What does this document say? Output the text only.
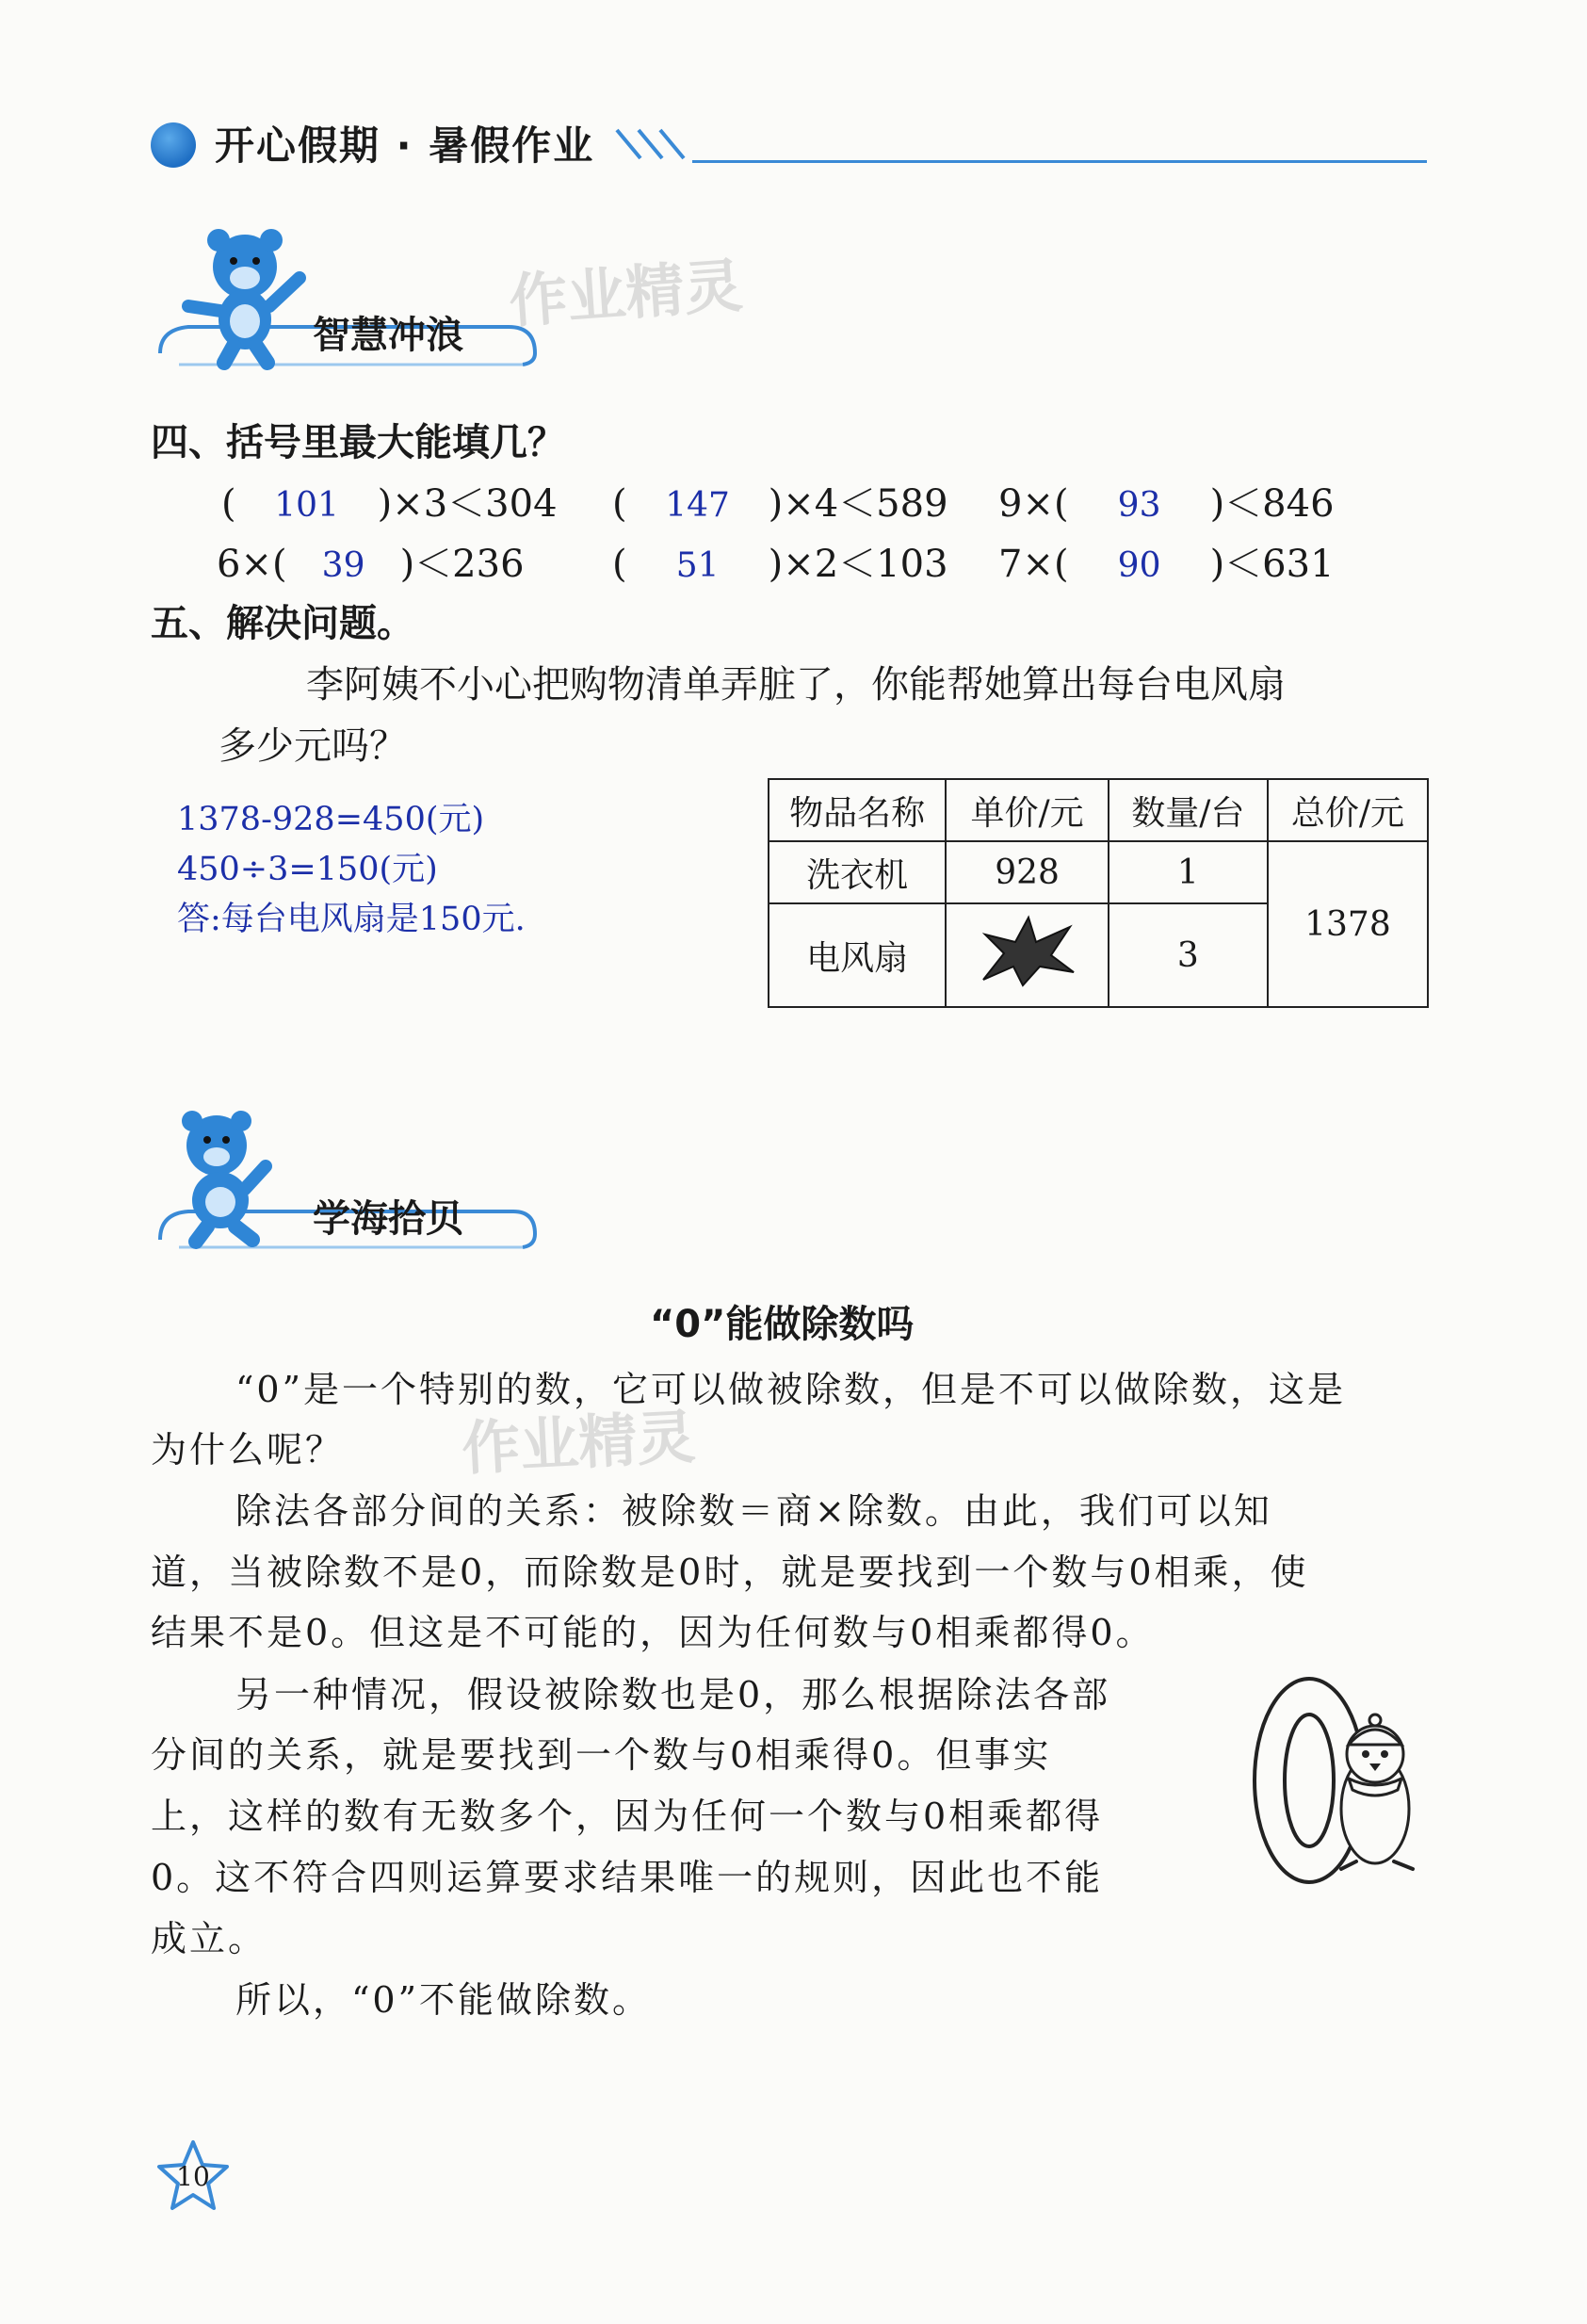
开心假期 · 暑假作业
智慧冲浪 作业精灵
四、括号里最大能填几？
( 101 )×3＜304 ( 147 )×4＜589 9×( 93 )＜846
6×( 39 )＜236 ( 51 )×2＜103 7×( 90 )＜631
五、解决问题。
李阿姨不小心把购物清单弄脏了，你能帮她算出每台电风扇
多少元吗？
1378-928=450(元)
450÷3=150(元)
答:每台电风扇是150元.
物品名称	单价/元	数量/台	总价/元
洗衣机	928	1	1378
电风扇		3	
学海拾贝
“0”能做除数吗
作业精灵
“0”是一个特别的数，它可以做被除数，但是不可以做除数，这是
为什么呢？
除法各部分间的关系：被除数＝商×除数。由此，我们可以知
道，当被除数不是0，而除数是0时，就是要找到一个数与0相乘，使
结果不是0。但这是不可能的，因为任何数与0相乘都得0。
另一种情况，假设被除数也是0，那么根据除法各部
分间的关系，就是要找到一个数与0相乘得0。但事实
上，这样的数有无数多个，因为任何一个数与0相乘都得
0。这不符合四则运算要求结果唯一的规则，因此也不能
成立。
所以，“0”不能做除数。
10
